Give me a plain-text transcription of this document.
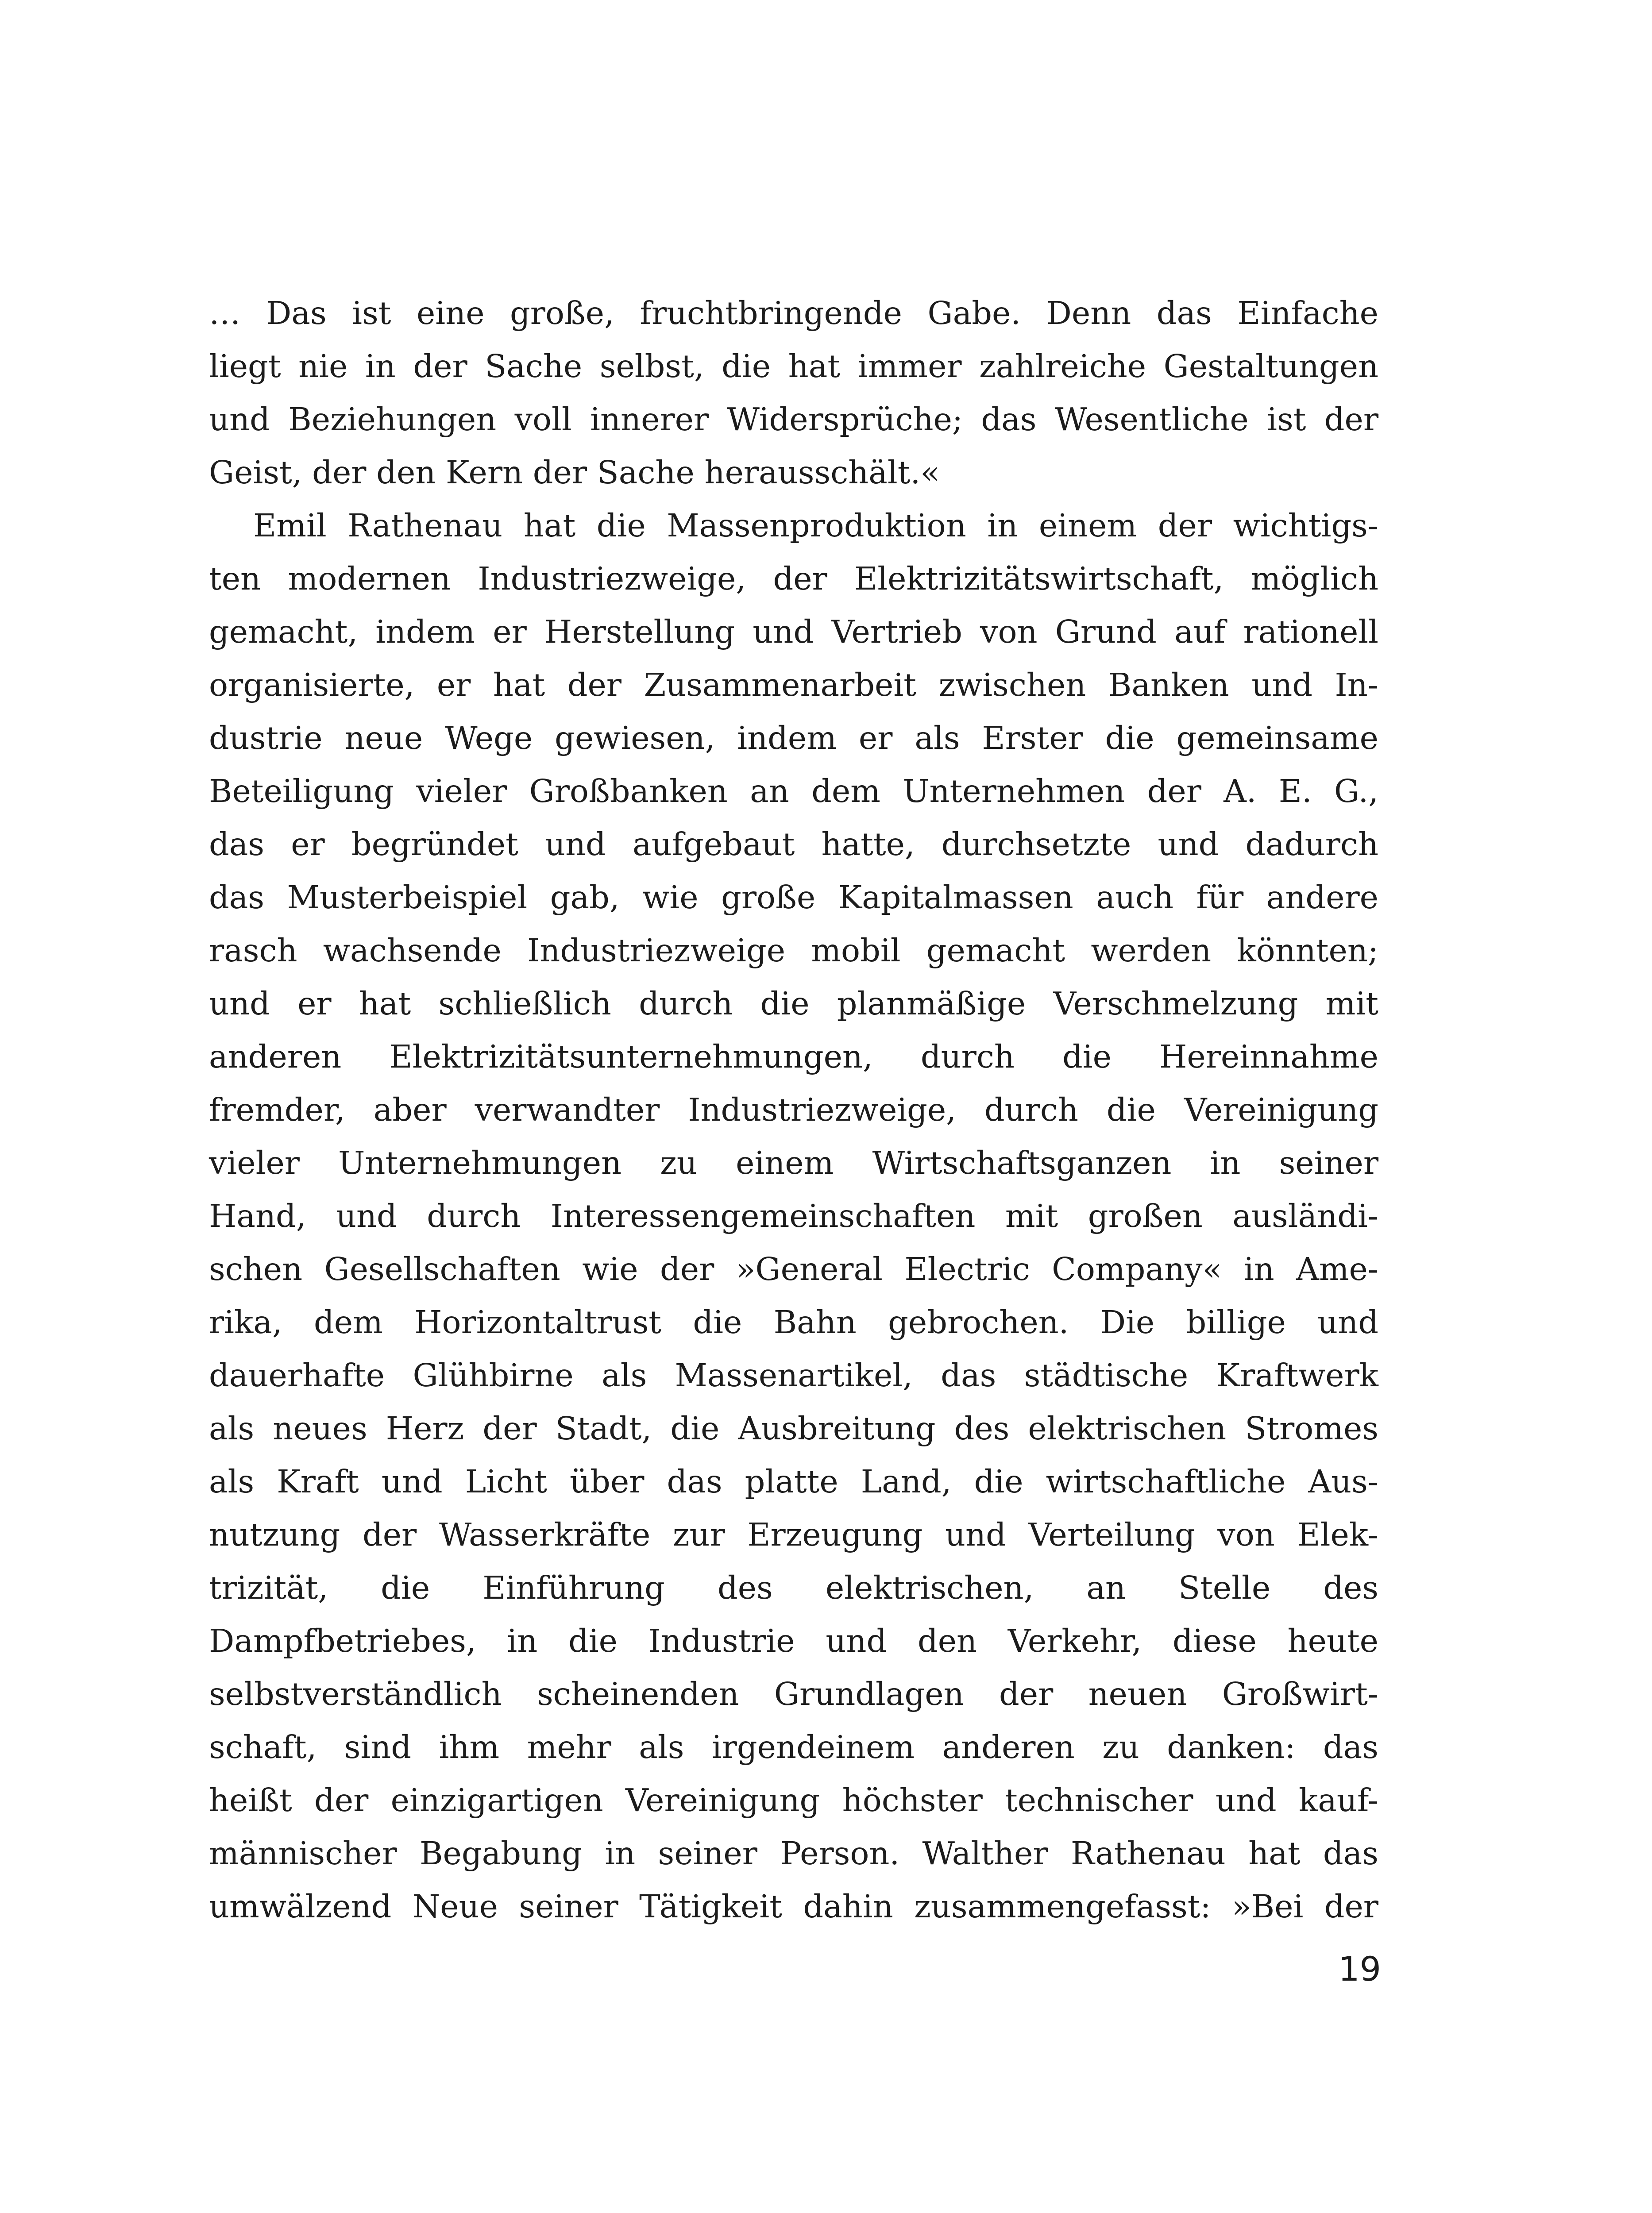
… Das ist eine große, fruchtbringende Gabe. Denn das Einfache
liegt nie in der Sache selbst, die hat immer zahlreiche Gestaltungen
und Beziehungen voll innerer Widersprüche; das Wesentliche ist der
Geist, der den Kern der Sache herausschält.«
Emil Rathenau hat die Massenproduktion in einem der wichtigs-
ten modernen Industriezweige, der Elektrizitätswirtschaft, möglich
gemacht, indem er Herstellung und Vertrieb von Grund auf rationell
organisierte, er hat der Zusammenarbeit zwischen Banken und In-
dustrie neue Wege gewiesen, indem er als Erster die gemeinsame
Beteiligung vieler Großbanken an dem Unternehmen der A. E. G.,
das er begründet und aufgebaut hatte, durchsetzte und dadurch
das Musterbeispiel gab, wie große Kapitalmassen auch für andere
rasch wachsende Industriezweige mobil gemacht werden könnten;
und er hat schließlich durch die planmäßige Verschmelzung mit
anderen Elektrizitätsunternehmungen, durch die Hereinnahme
fremder, aber verwandter Industriezweige, durch die Vereinigung
vieler Unternehmungen zu einem Wirtschaftsganzen in seiner
Hand, und durch Interessengemeinschaften mit großen ausländi-
schen Gesellschaften wie der »General Electric Company« in Ame-
rika, dem Horizontaltrust die Bahn gebrochen. Die billige und
dauerhafte Glühbirne als Massenartikel, das städtische Kraftwerk
als neues Herz der Stadt, die Ausbreitung des elektrischen Stromes
als Kraft und Licht über das platte Land, die wirtschaftliche Aus-
nutzung der Wasserkräfte zur Erzeugung und Verteilung von Elek-
trizität, die Einführung des elektrischen, an Stelle des
Dampfbetriebes, in die Industrie und den Verkehr, diese heute
selbstverständlich scheinenden Grundlagen der neuen Großwirt-
schaft, sind ihm mehr als irgendeinem anderen zu danken: das
heißt der einzigartigen Vereinigung höchster technischer und kauf-
männischer Begabung in seiner Person. Walther Rathenau hat das
umwälzend Neue seiner Tätigkeit dahin zusammengefasst: »Bei der
19
